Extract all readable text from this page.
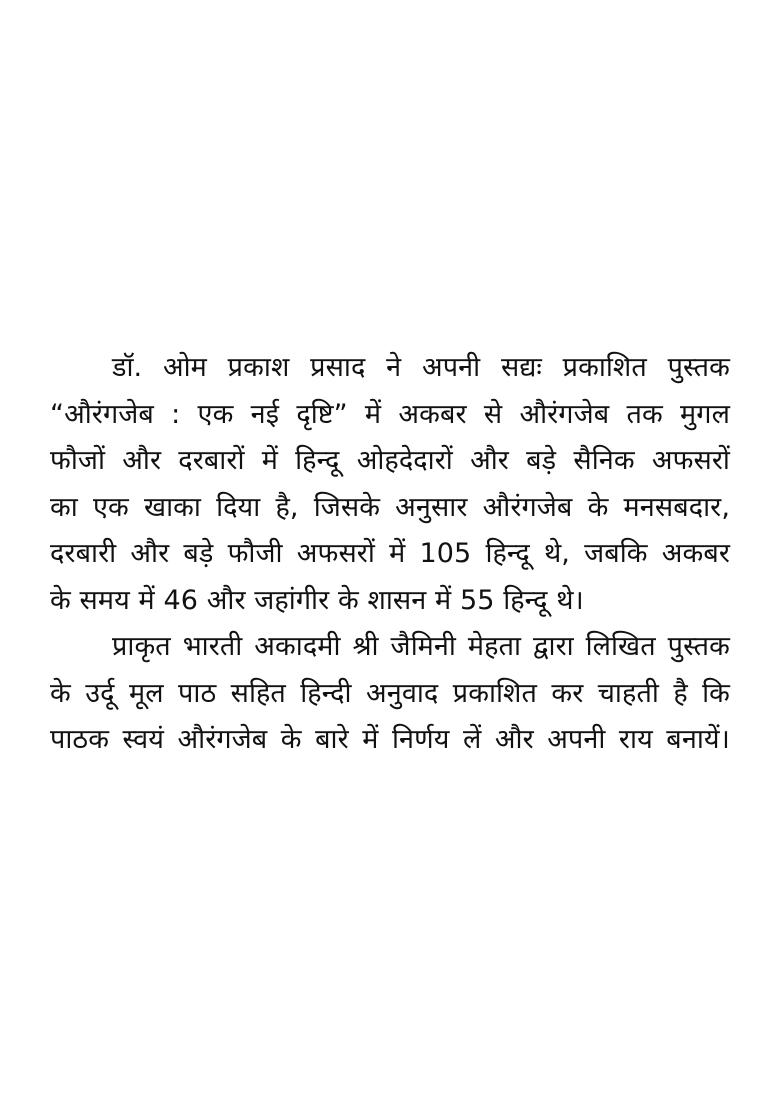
डॉ. ओम प्रकाश प्रसाद ने अपनी सद्यः प्रकाशित पुस्तक
“औरंगजेब : एक नई दृष्टि” में अकबर से औरंगजेब तक मुगल
फौजों और दरबारों में हिन्दू ओहदेदारों और बड़े सैनिक अफसरों
का एक खाका दिया है, जिसके अनुसार औरंगजेब के मनसबदार,
दरबारी और बड़े फौजी अफसरों में 105 हिन्दू थे, जबकि अकबर
के समय में 46 और जहांगीर के शासन में 55 हिन्दू थे।
प्राकृत भारती अकादमी श्री जैमिनी मेहता द्वारा लिखित पुस्तक
के उर्दू मूल पाठ सहित हिन्दी अनुवाद प्रकाशित कर चाहती है कि
पाठक स्वयं औरंगजेब के बारे में निर्णय लें और अपनी राय बनायें।
